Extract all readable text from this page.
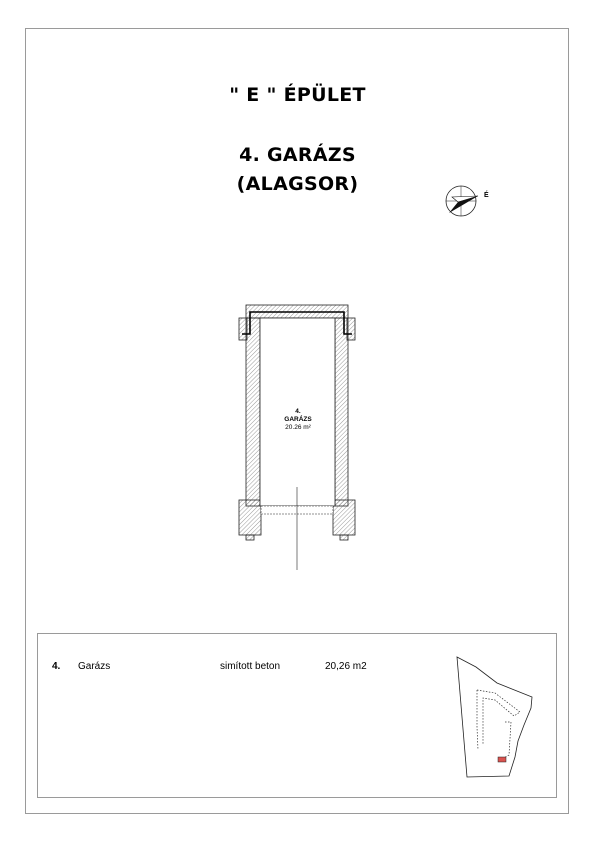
" E " ÉPÜLET
4. GARÁZS
(ALAGSOR)
É
4.
GARÁZS
20.26 m²
4. Garázs	simított beton	20,26 m2
